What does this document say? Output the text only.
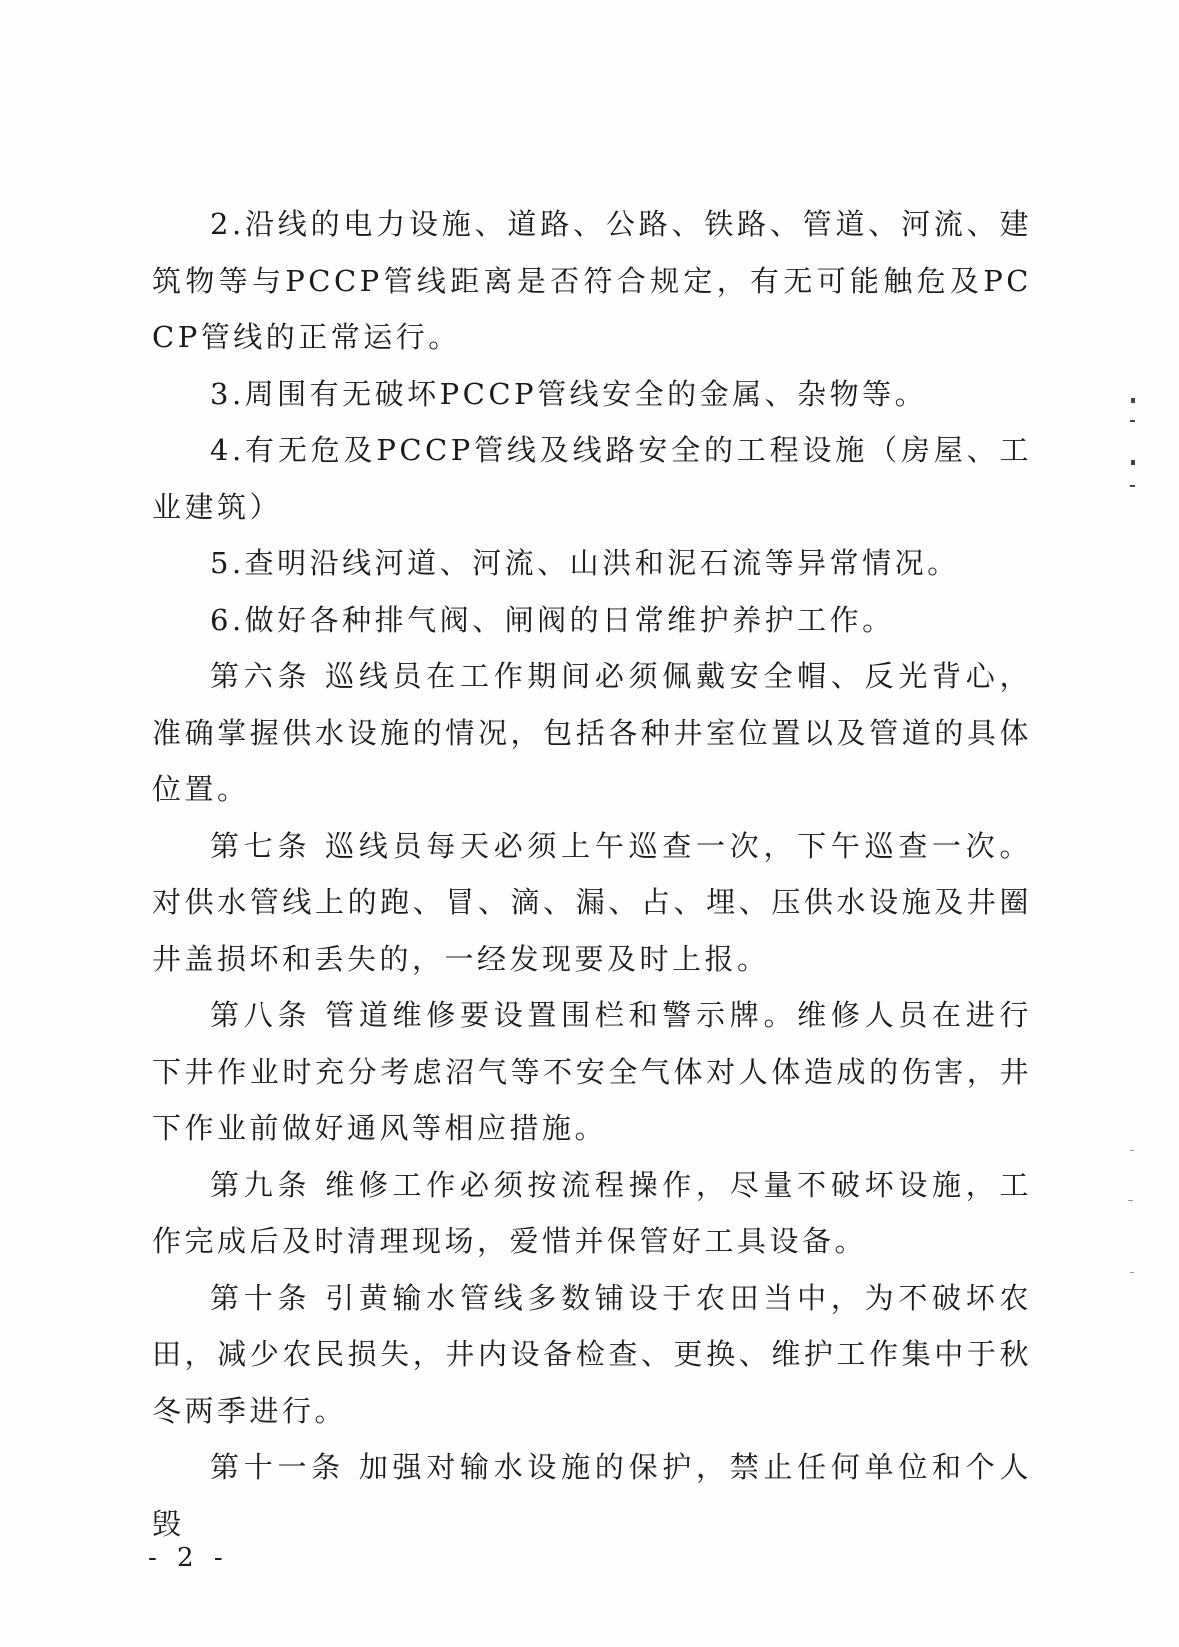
2.沿线的电力设施、道路、公路、铁路、管道、河流、建筑物等与PCCP管线距离是否符合规定，有无可能触危及PCCP管线的正常运行。

3.周围有无破坏PCCP管线安全的金属、杂物等。

4.有无危及PCCP管线及线路安全的工程设施（房屋、工业建筑）

5.查明沿线河道、河流、山洪和泥石流等异常情况。

6.做好各种排气阀、闸阀的日常维护养护工作。

第六条 巡线员在工作期间必须佩戴安全帽、反光背心，准确掌握供水设施的情况，包括各种井室位置以及管道的具体位置。

第七条 巡线员每天必须上午巡查一次，下午巡查一次。对供水管线上的跑、冒、滴、漏、占、埋、压供水设施及井圈井盖损坏和丢失的，一经发现要及时上报。

第八条 管道维修要设置围栏和警示牌。维修人员在进行下井作业时充分考虑沼气等不安全气体对人体造成的伤害，井下作业前做好通风等相应措施。

第九条 维修工作必须按流程操作，尽量不破坏设施，工作完成后及时清理现场，爱惜并保管好工具设备。

第十条 引黄输水管线多数铺设于农田当中，为不破坏农田，减少农民损失，井内设备检查、更换、维护工作集中于秋冬两季进行。

第十一条 加强对输水设施的保护，禁止任何单位和个人毁

- 2 -
